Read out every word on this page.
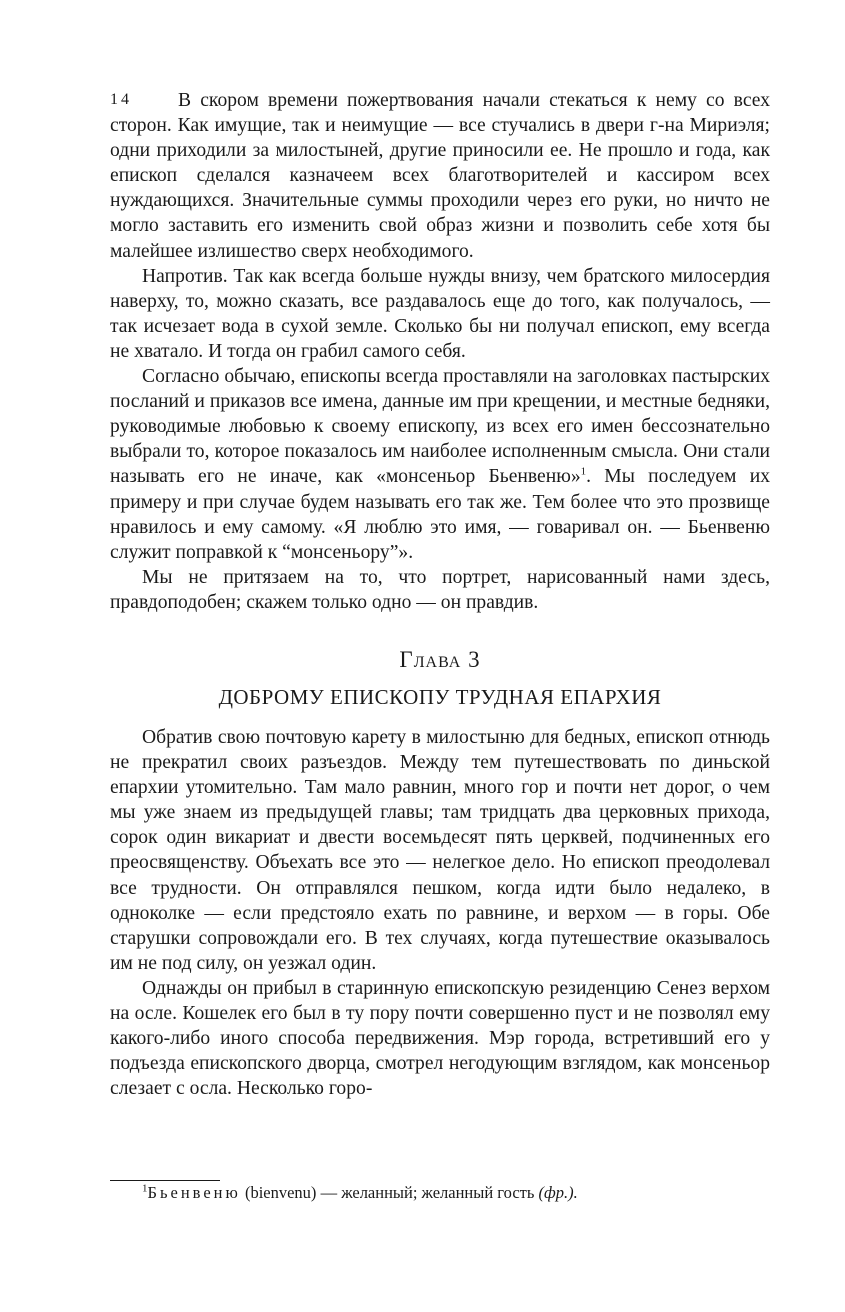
14	В скором времени пожертвования начали стекаться к нему со всех сторон. Как имущие, так и неимущие — все стучались в двери г-на Мириэля; одни приходили за милостыней, другие приносили ее. Не прошло и года, как епископ сделался казначеем всех благотворителей и кассиром всех нуждающихся. Значительные суммы проходили через его руки, но ничто не могло заставить его изменить свой образ жизни и позволить себе хотя бы малейшее излишество сверх необходимого.

Напротив. Так как всегда больше нужды внизу, чем братского милосердия наверху, то, можно сказать, все раздавалось еще до того, как получалось, — так исчезает вода в сухой земле. Сколько бы ни получал епископ, ему всегда не хватало. И тогда он грабил самого себя.

Согласно обычаю, епископы всегда проставляли на заголовках пастырских посланий и приказов все имена, данные им при крещении, и местные бедняки, руководимые любовью к своему епископу, из всех его имен бессознательно выбрали то, которое показалось им наиболее исполненным смысла. Они стали называть его не иначе, как «монсеньор Бьенвеню»$^1$. Мы последуем их примеру и при случае будем называть его так же. Тем более что это прозвище нравилось и ему самому. «Я люблю это имя, — говаривал он. — Бьенвеню служит поправкой к “монсеньору”».

Мы не притязаем на то, что портрет, нарисованный нами здесь, правдоподобен; скажем только одно — он правдив.

Глава 3
ДОБРОМУ ЕПИСКОПУ ТРУДНАЯ ЕПАРХИЯ

Обратив свою почтовую карету в милостыню для бедных, епископ отнюдь не прекратил своих разъездов. Между тем путешествовать по диньской епархии утомительно. Там мало равнин, много гор и почти нет дорог, о чем мы уже знаем из предыдущей главы; там тридцать два церковных прихода, сорок один викариат и двести восемьдесят пять церквей, подчиненных его преосвященству. Объехать все это — нелегкое дело. Но епископ преодолевал все трудности. Он отправлялся пешком, когда идти было недалеко, в одноколке — если предстояло ехать по равнине, и верхом — в горы. Обе старушки сопровождали его. В тех случаях, когда путешествие оказывалось им не под силу, он уезжал один.

Однажды он прибыл в старинную епископскую резиденцию Сенез верхом на осле. Кошелек его был в ту пору почти совершенно пуст и не позволял ему какого-либо иного способа передвижения. Мэр города, встретивший его у подъезда епископского дворца, смотрел негодующим взглядом, как монсеньор слезает с осла. Несколько горо-

$^1$Бьенвеню (bienvenu) — желанный; желанный гость (фр.).
